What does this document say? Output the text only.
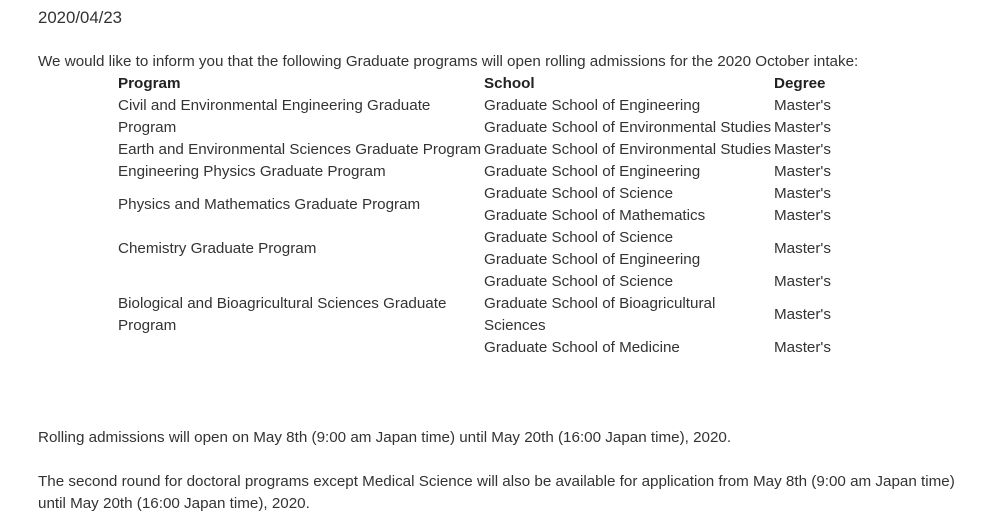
2020/04/23
We would like to inform you that the following Graduate programs will open rolling admissions for the 2020 October intake:
Program	School	Degree

Civil and Environmental Engineering Graduate Program	Graduate School of Engineering	Master's
	Graduate School of Environmental Studies	Master's

Earth and Environmental Sciences Graduate Program	Graduate School of Environmental Studies	Master's

Engineering Physics Graduate Program	Graduate School of Engineering	Master's

Physics and Mathematics Graduate Program	Graduate School of Science	Master's
	Graduate School of Mathematics	Master's

Chemistry Graduate Program	Graduate School of Science	Master's
	Graduate School of Engineering	

Biological and Bioagricultural Sciences Graduate Program	Graduate School of Science	Master's
	Graduate School of Bioagricultural Sciences	Master's
	Graduate School of Medicine	Master's
Rolling admissions will open on May 8th (9:00 am Japan time) until May 20th (16:00 Japan time), 2020.
The second round for doctoral programs except Medical Science will also be available for application from May 8th (9:00 am Japan time) until May 20th (16:00 Japan time), 2020.
